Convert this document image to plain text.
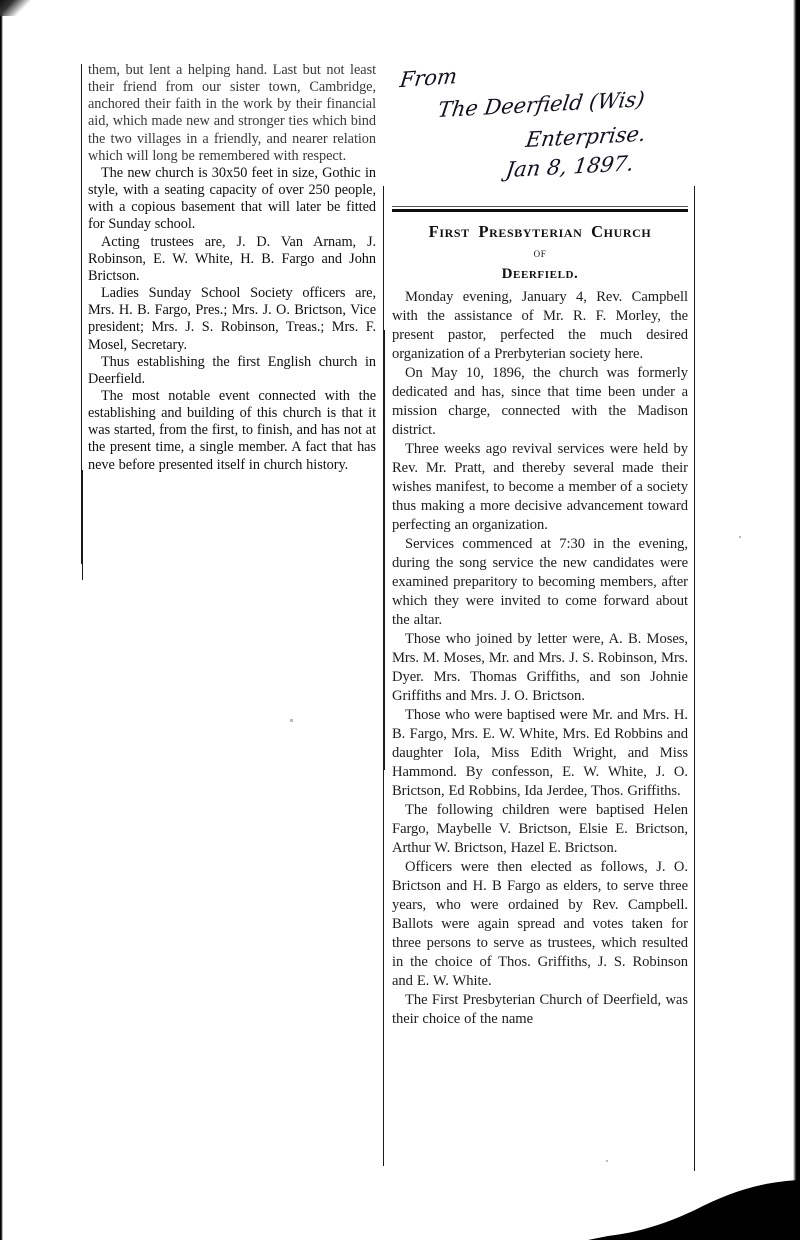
them, but lent a helping hand. Last but not least their friend from our sister town, Cambridge, anchored their faith in the work by their financial aid, which made new and stronger ties which bind the two villages in a friendly, and nearer relation which will long be remembered with respect.

The new church is 30x50 feet in size, Gothic in style, with a seating capacity of over 250 people, with a copious basement that will later be fitted for Sunday school.

Acting trustees are, J. D. Van Arnam, J. Robinson, E. W. White, H. B. Fargo and John Brictson.

Ladies Sunday School Society officers are, Mrs. H. B. Fargo, Pres.; Mrs. J. O. Brictson, Vice president; Mrs. J. S. Robinson, Treas.; Mrs. F. Mosel, Secretary.

Thus establishing the first English church in Deerfield.

The most notable event connected with the establishing and building of this church is that it was started, from the first, to finish, and has not at the present time, a single member. A fact that has neve before presented itself in church history.

From
The Deerfield (Wis)
Enterprise.
Jan 8, 1897.
First Presbyterian Church
of
Deerfield.

Monday evening, January 4, Rev. Campbell with the assistance of Mr. R. F. Morley, the present pastor, perfected the much desired organization of a Prerbyterian society here.

On May 10, 1896, the church was formerly dedicated and has, since that time been under a mission charge, connected with the Madison district.

Three weeks ago revival services were held by Rev. Mr. Pratt, and thereby several made their wishes manifest, to become a member of a society thus making a more decisive advancement toward perfecting an organization.

Services commenced at 7:30 in the evening, during the song service the new candidates were examined preparitory to becoming members, after which they were invited to come forward about the altar.

Those who joined by letter were, A. B. Moses, Mrs. M. Moses, Mr. and Mrs. J. S. Robinson, Mrs. Dyer. Mrs. Thomas Griffiths, and son Johnie Griffiths and Mrs. J. O. Brictson.

Those who were baptised were Mr. and Mrs. H. B. Fargo, Mrs. E. W. White, Mrs. Ed Robbins and daughter Iola, Miss Edith Wright, and Miss Hammond. By confesson, E. W. White, J. O. Brictson, Ed Robbins, Ida Jerdee, Thos. Griffiths.

The following children were baptised Helen Fargo, Maybelle V. Brictson, Elsie E. Brictson, Arthur W. Brictson, Hazel E. Brictson.

Officers were then elected as follows, J. O. Brictson and H. B Fargo as elders, to serve three years, who were ordained by Rev. Campbell. Ballots were again spread and votes taken for three persons to serve as trustees, which resulted in the choice of Thos. Griffiths, J. S. Robinson and E. W. White.

The First Presbyterian Church of Deerfield, was their choice of the name
